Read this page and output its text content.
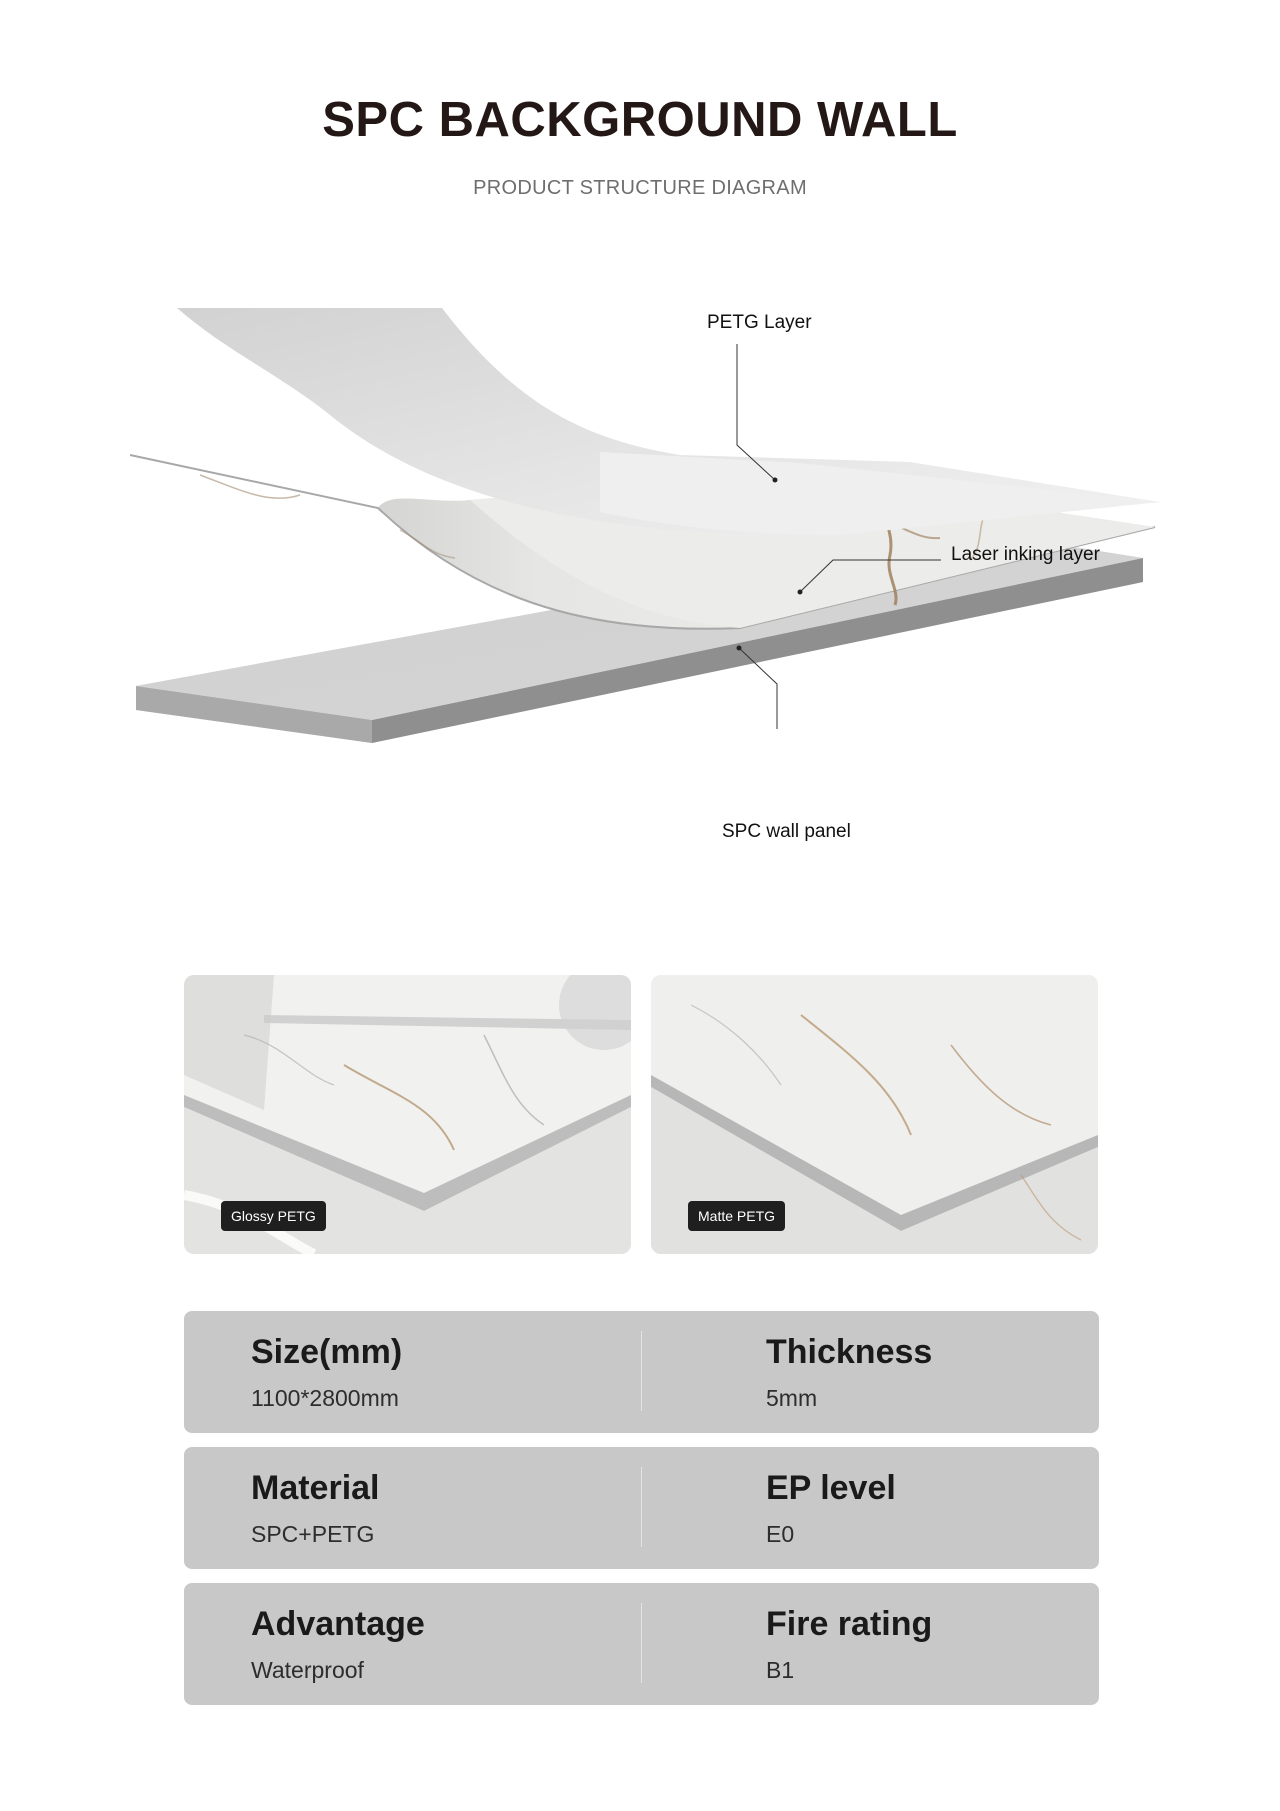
SPC BACKGROUND WALL
PRODUCT STRUCTURE DIAGRAM
PETG Layer
Laser inking layer
SPC wall panel
Glossy PETG	Matte PETG
Size(mm)
1100*2800mm
Thickness
5mm
Material
SPC+PETG
EP level
E0
Advantage
Waterproof
Fire rating
B1
